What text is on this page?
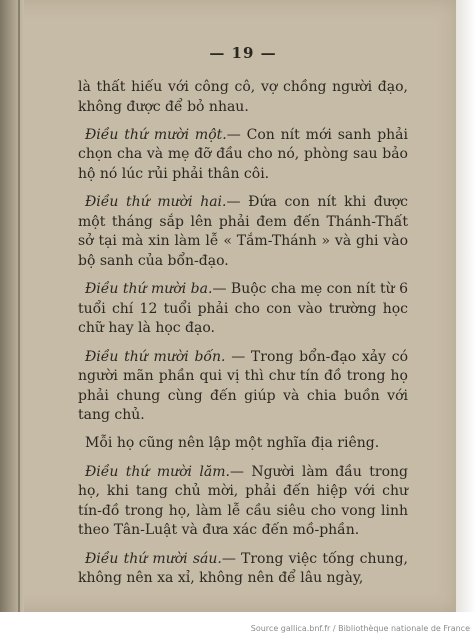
— 19 —

là thất hiếu với công cô, vợ chồng người đạo, không được để bỏ nhau.

Điều thứ mười một.— Con nít mới sanh phải chọn cha và mẹ đỡ đầu cho nó, phòng sau bảo hộ nó lúc rủi phải thân côi.

Điều thứ mười hai.— Đứa con nít khi được một tháng sắp lên phải đem đến Thánh-Thất sở tại mà xin làm lễ « Tắm-Thánh » và ghi vào bộ sanh của bổn-đạo.

Điều thứ mười ba.— Buộc cha mẹ con nít từ 6 tuổi chí 12 tuổi phải cho con vào trường học chữ hay là học đạo.

Điều thứ mười bốn. — Trong bổn-đạo xảy có người mãn phần qui vị thì chư tín đồ trong họ phải chung cùng đến giúp và chia buồn với tang chủ.

Mỗi họ cũng nên lập một nghĩa địa riêng.

Điều thứ mười lăm.— Người làm đầu trong họ, khi tang chủ mời, phải đến hiệp với chư tín-đồ trong họ, làm lễ cầu siêu cho vong linh theo Tân-Luật và đưa xác đến mồ-phần.

Điều thứ mười sáu.— Trong việc tống chung, không nên xa xỉ, không nên để lâu ngày,

Source gallica.bnf.fr / Bibliothèque nationale de France
